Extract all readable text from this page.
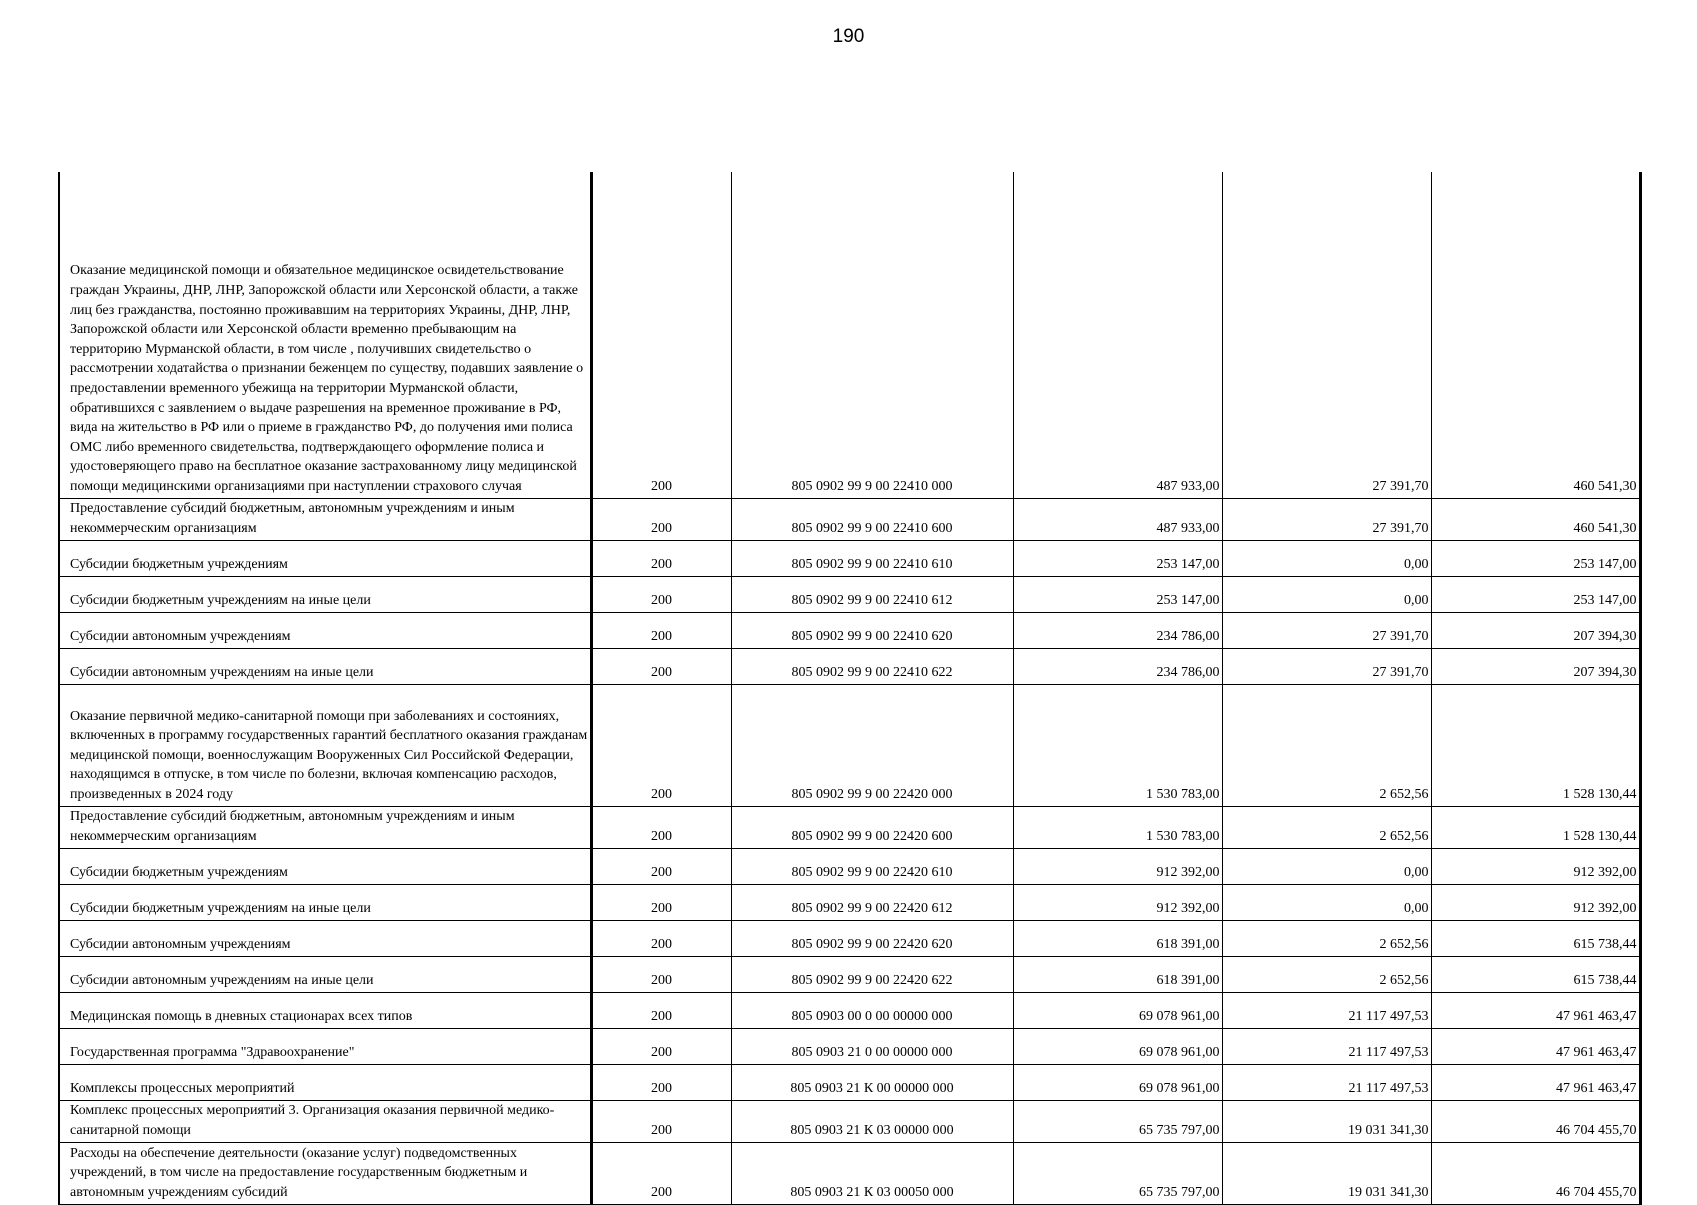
190
Оказание медицинской помощи и обязательное медицинское освидетельствование граждан Украины, ДНР, ЛНР, Запорожской области или Херсонской области, а также лиц без гражданства, постоянно проживавшим на территориях Украины, ДНР, ЛНР, Запорожской области или Херсонской области временно пребывающим на территорию Мурманской области, в том числе , получивших свидетельство о рассмотрении ходатайства о признании беженцем по существу, подавших заявление о предоставлении временного убежища на территории Мурманской области, обратившихся с заявлением о выдаче разрешения на временное проживание в РФ, вида на жительство в РФ или о приеме в гражданство РФ, до получения ими полиса ОМС либо временного свидетельства, подтверждающего оформление полиса и удостоверяющего право на бесплатное оказание застрахованному лицу медицинской помощи медицинскими организациями при наступлении страхового случая	200	805 0902 99 9 00 22410 000	487 933,00	27 391,70	460 541,30

Предоставление субсидий бюджетным, автономным учреждениям и иным некоммерческим организациям	200	805 0902 99 9 00 22410 600	487 933,00	27 391,70	460 541,30

Субсидии бюджетным учреждениям	200	805 0902 99 9 00 22410 610	253 147,00	0,00	253 147,00

Субсидии бюджетным учреждениям на иные цели	200	805 0902 99 9 00 22410 612	253 147,00	0,00	253 147,00

Субсидии автономным учреждениям	200	805 0902 99 9 00 22410 620	234 786,00	27 391,70	207 394,30

Субсидии автономным учреждениям на иные цели	200	805 0902 99 9 00 22410 622	234 786,00	27 391,70	207 394,30

Оказание первичной медико-санитарной помощи при заболеваниях и состояниях, включенных в программу государственных гарантий бесплатного оказания гражданам медицинской помощи, военнослужащим Вооруженных Сил Российской Федерации, находящимся в отпуске, в том числе по болезни, включая компенсацию расходов, произведенных в 2024 году	200	805 0902 99 9 00 22420 000	1 530 783,00	2 652,56	1 528 130,44

Предоставление субсидий бюджетным, автономным учреждениям и иным некоммерческим организациям	200	805 0902 99 9 00 22420 600	1 530 783,00	2 652,56	1 528 130,44

Субсидии бюджетным учреждениям	200	805 0902 99 9 00 22420 610	912 392,00	0,00	912 392,00

Субсидии бюджетным учреждениям на иные цели	200	805 0902 99 9 00 22420 612	912 392,00	0,00	912 392,00

Субсидии автономным учреждениям	200	805 0902 99 9 00 22420 620	618 391,00	2 652,56	615 738,44

Субсидии автономным учреждениям на иные цели	200	805 0902 99 9 00 22420 622	618 391,00	2 652,56	615 738,44

Медицинская помощь в дневных стационарах всех типов	200	805 0903 00 0 00 00000 000	69 078 961,00	21 117 497,53	47 961 463,47

Государственная программа "Здравоохранение"	200	805 0903 21 0 00 00000 000	69 078 961,00	21 117 497,53	47 961 463,47

Комплексы процессных мероприятий	200	805 0903 21 К 00 00000 000	69 078 961,00	21 117 497,53	47 961 463,47

Комплекс процессных мероприятий 3. Организация оказания первичной медико-санитарной помощи	200	805 0903 21 К 03 00000 000	65 735 797,00	19 031 341,30	46 704 455,70

Расходы на обеспечение деятельности (оказание услуг) подведомственных учреждений, в том числе на предоставление государственным бюджетным и автономным учреждениям субсидий	200	805 0903 21 К 03 00050 000	65 735 797,00	19 031 341,30	46 704 455,70
